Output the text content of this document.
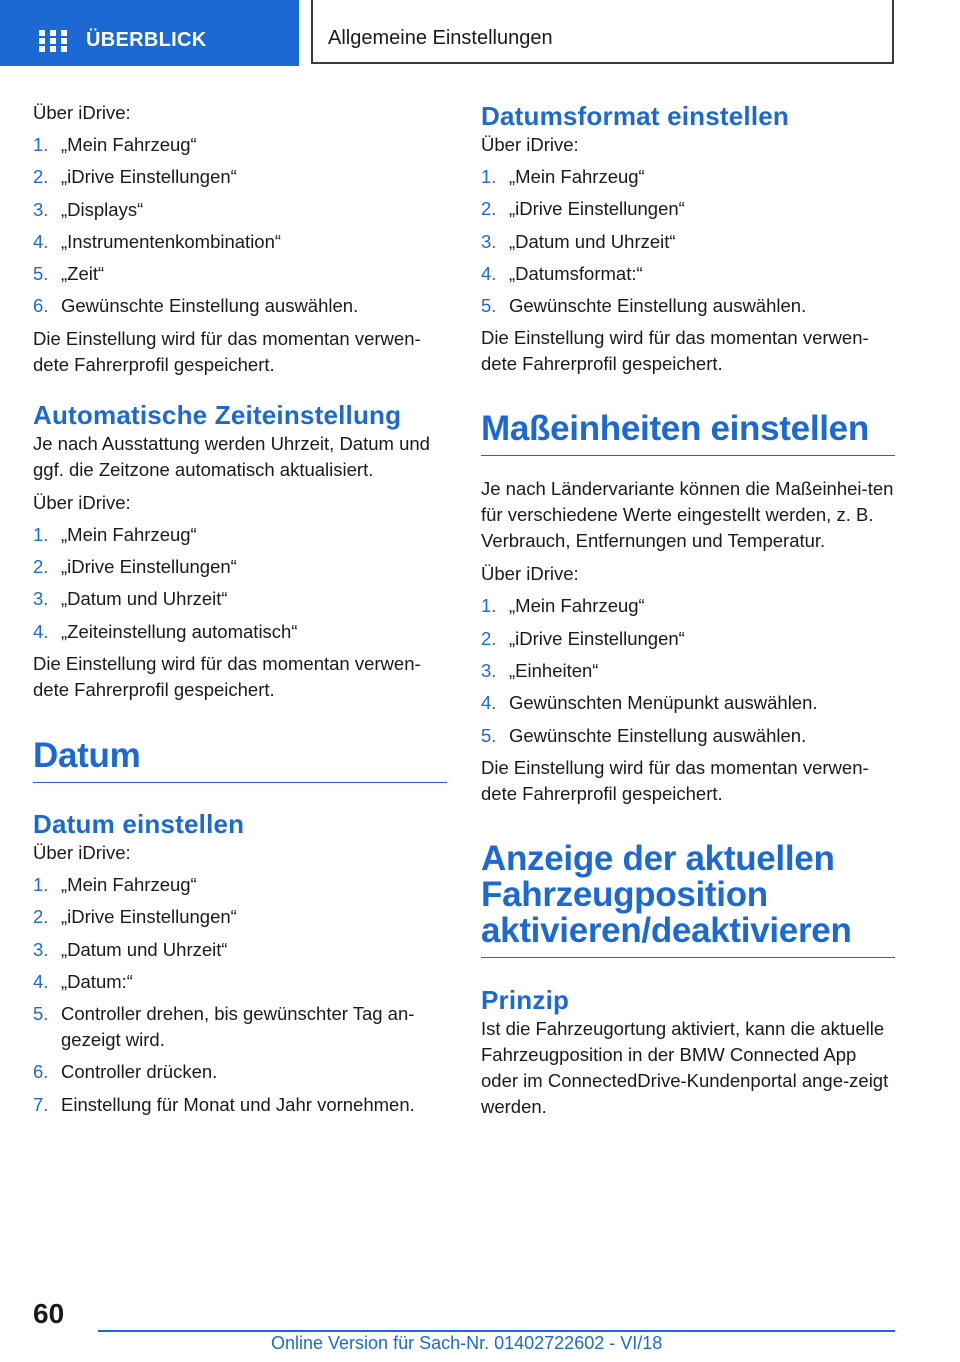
ÜBERBLICK	Allgemeine Einstellungen

Über iDrive:

1. „Mein Fahrzeug“
2. „iDrive Einstellungen“
3. „Displays“
4. „Instrumentenkombination“
5. „Zeit“
6. Gewünschte Einstellung auswählen.

Die Einstellung wird für das momentan verwen‐dete Fahrerprofil gespeichert.

Automatische Zeiteinstellung

Je nach Ausstattung werden Uhrzeit, Datum und ggf. die Zeitzone automatisch aktualisiert.

Über iDrive:

1. „Mein Fahrzeug“
2. „iDrive Einstellungen“
3. „Datum und Uhrzeit“
4. „Zeiteinstellung automatisch“

Die Einstellung wird für das momentan verwen‐dete Fahrerprofil gespeichert.

Datum
Datum einstellen

Über iDrive:

1. „Mein Fahrzeug“
2. „iDrive Einstellungen“
3. „Datum und Uhrzeit“
4. „Datum:“
5. Controller drehen, bis gewünschter Tag an‐gezeigt wird.
6. Controller drücken.
7. Einstellung für Monat und Jahr vornehmen.
Datumsformat einstellen

Über iDrive:

1. „Mein Fahrzeug“
2. „iDrive Einstellungen“
3. „Datum und Uhrzeit“
4. „Datumsformat:“
5. Gewünschte Einstellung auswählen.

Die Einstellung wird für das momentan verwen‐dete Fahrerprofil gespeichert.

Maßeinheiten einstellen

Je nach Ländervariante können die Maßeinhei‐ten für verschiedene Werte eingestellt werden, z. B. Verbrauch, Entfernungen und Temperatur.

Über iDrive:

1. „Mein Fahrzeug“
2. „iDrive Einstellungen“
3. „Einheiten“
4. Gewünschten Menüpunkt auswählen.
5. Gewünschte Einstellung auswählen.

Die Einstellung wird für das momentan verwen‐dete Fahrerprofil gespeichert.

Anzeige der aktuellen Fahrzeugposition aktivieren/deaktivieren
Prinzip

Ist die Fahrzeugortung aktiviert, kann die aktuelle Fahrzeugposition in der BMW Connected App oder im ConnectedDrive-Kundenportal ange‐zeigt werden.

60
Online Version für Sach-Nr. 01402722602 - VI/18
